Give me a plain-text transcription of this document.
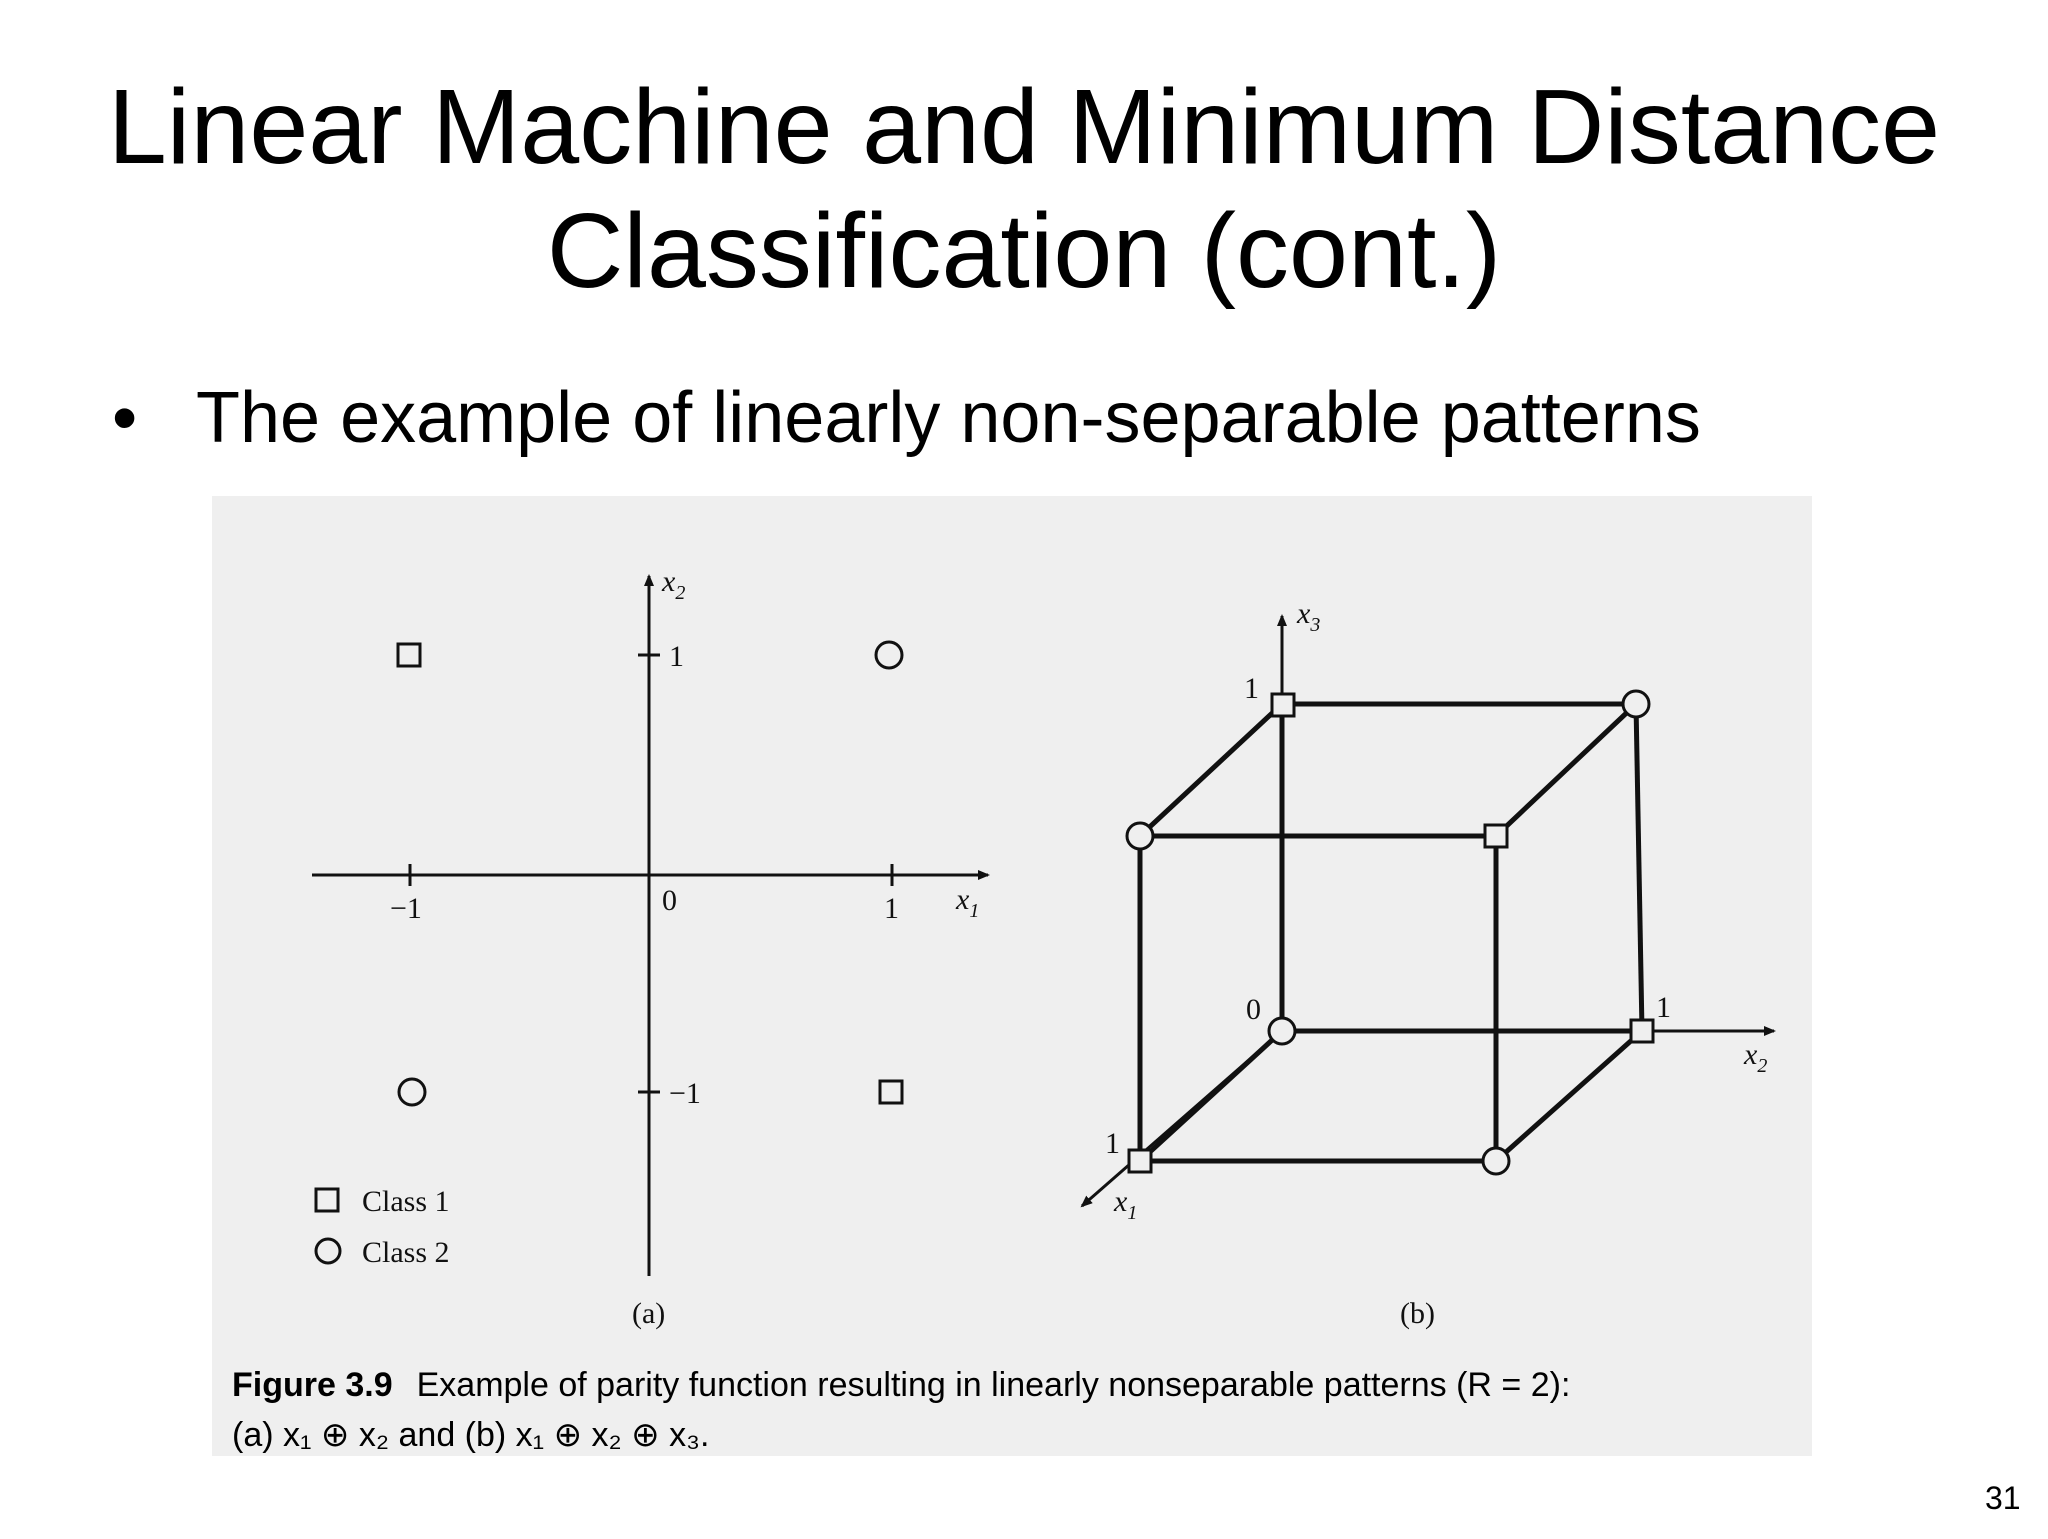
Linear Machine and Minimum Distance
Classification (cont.)
• The example of linearly non-separable patterns
$x_2$
$x_1$
−1	1
0
1
−1
Class 1
Class 2
(a)
$x_3$
$x_2$
$x_1$
1
0	1
1
(b)
Figure 3.9 Example of parity function resulting in linearly nonseparable patterns (R = 2):
(a) x₁ ⊕ x₂ and (b) x₁ ⊕ x₂ ⊕ x₃.
31
